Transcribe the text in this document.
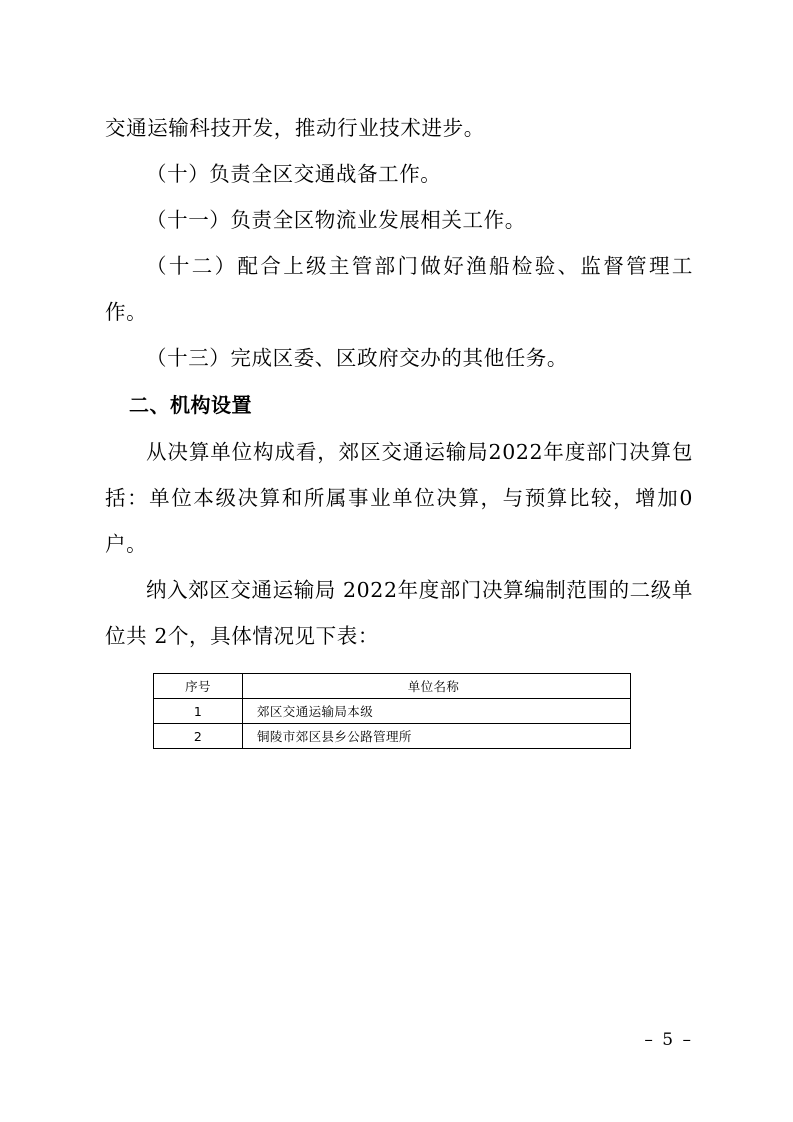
交通运输科技开发，推动行业技术进步。

（十）负责全区交通战备工作。

（十一）负责全区物流业发展相关工作。

（十二）配合上级主管部门做好渔船检验、监督管理工作。

（十三）完成区委、区政府交办的其他任务。

二、机构设置

从决算单位构成看，郊区交通运输局2022年度部门决算包括：单位本级决算和所属事业单位决算，与预算比较，增加0户。

纳入郊区交通运输局 2022年度部门决算编制范围的二级单位共 2个，具体情况见下表：

序号	单位名称
1	郊区交通运输局本级
2	铜陵市郊区县乡公路管理所
– 5 –
